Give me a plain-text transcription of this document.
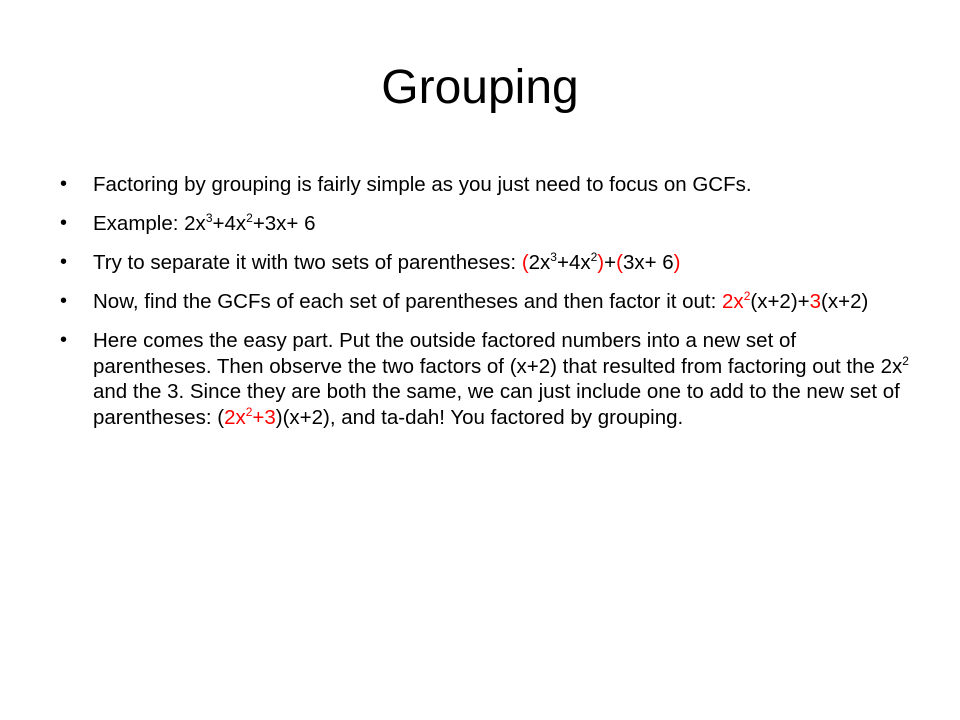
Grouping
•	Factoring by grouping is fairly simple as you just need to focus on GCFs.
•	Example: $2x^3+4x^2+3x+ 6$
•	Try to separate it with two sets of parentheses: $(2x^3+4x^2)+(3x+ 6)$
•	Now, find the GCFs of each set of parentheses and then factor it out: $2x^2(x+2)+3(x+2)$
•	Here comes the easy part. Put the outside factored numbers into a new set of parentheses. Then observe the two factors of (x+2) that resulted from factoring out the $2x^2$ and the 3. Since they are both the same, we can just include one to add to the new set of parentheses: $(2x^2+3)(x+2)$, and ta-dah! You factored by grouping.
